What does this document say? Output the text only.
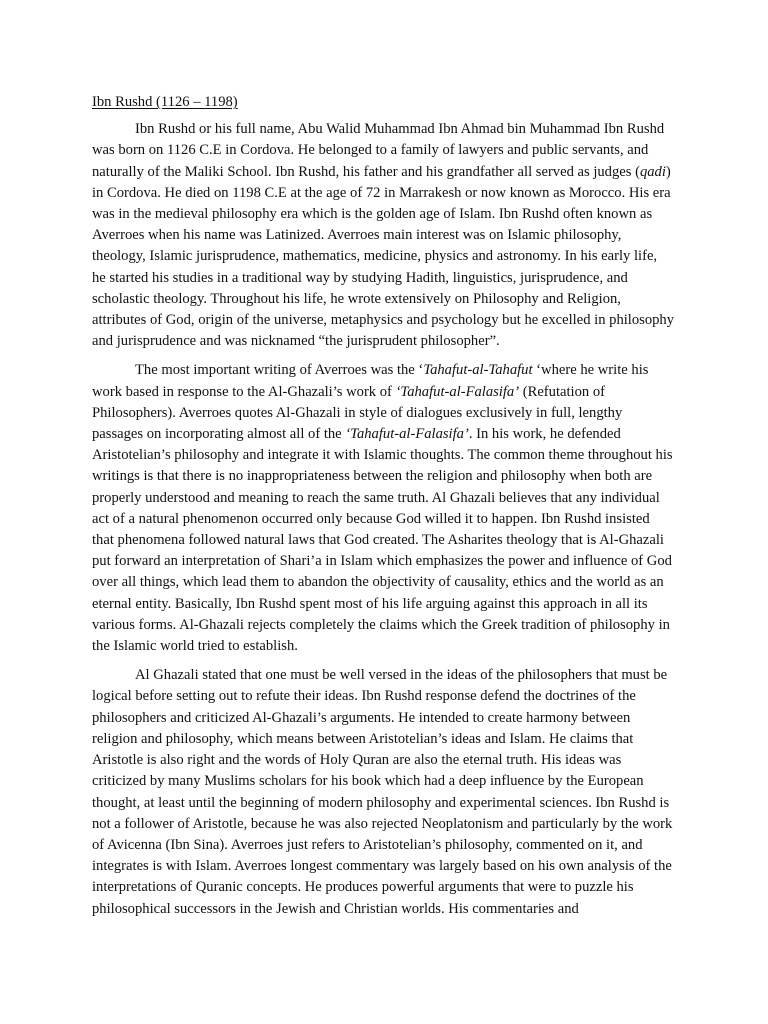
Ibn Rushd (1126 – 1198)

Ibn Rushd or his full name, Abu Walid Muhammad Ibn Ahmad bin Muhammad Ibn Rushd was born on 1126 C.E in Cordova. He belonged to a family of lawyers and public servants, and naturally of the Maliki School. Ibn Rushd, his father and his grandfather all served as judges (qadi) in Cordova. He died on 1198 C.E at the age of 72 in Marrakesh or now known as Morocco. His era was in the medieval philosophy era which is the golden age of Islam. Ibn Rushd often known as Averroes when his name was Latinized. Averroes main interest was on Islamic philosophy, theology, Islamic jurisprudence, mathematics, medicine, physics and astronomy. In his early life, he started his studies in a traditional way by studying Hadith, linguistics, jurisprudence, and scholastic theology. Throughout his life, he wrote extensively on Philosophy and Religion, attributes of God, origin of the universe, metaphysics and psychology but he excelled in philosophy and jurisprudence and was nicknamed “the jurisprudent philosopher”.

The most important writing of Averroes was the ‘Tahafut-al-Tahafut ‘where he write his work based in response to the Al-Ghazali’s work of ‘Tahafut-al-Falasifa’ (Refutation of Philosophers). Averroes quotes Al-Ghazali in style of dialogues exclusively in full, lengthy passages on incorporating almost all of the ‘Tahafut-al-Falasifa’. In his work, he defended Aristotelian’s philosophy and integrate it with Islamic thoughts. The common theme throughout his writings is that there is no inappropriateness between the religion and philosophy when both are properly understood and meaning to reach the same truth. Al Ghazali believes that any individual act of a natural phenomenon occurred only because God willed it to happen. Ibn Rushd insisted that phenomena followed natural laws that God created. The Asharites theology that is Al-Ghazali put forward an interpretation of Shari’a in Islam which emphasizes the power and influence of God over all things, which lead them to abandon the objectivity of causality, ethics and the world as an eternal entity. Basically, Ibn Rushd spent most of his life arguing against this approach in all its various forms. Al-Ghazali rejects completely the claims which the Greek tradition of philosophy in the Islamic world tried to establish.

Al Ghazali stated that one must be well versed in the ideas of the philosophers that must be logical before setting out to refute their ideas. Ibn Rushd response defend the doctrines of the philosophers and criticized Al-Ghazali’s arguments. He intended to create harmony between religion and philosophy, which means between Aristotelian’s ideas and Islam. He claims that Aristotle is also right and the words of Holy Quran are also the eternal truth. His ideas was criticized by many Muslims scholars for his book which had a deep influence by the European thought, at least until the beginning of modern philosophy and experimental sciences. Ibn Rushd is not a follower of Aristotle, because he was also rejected Neoplatonism and particularly by the work of Avicenna (Ibn Sina). Averroes just refers to Aristotelian’s philosophy, commented on it, and integrates is with Islam. Averroes longest commentary was largely based on his own analysis of the interpretations of Quranic concepts. He produces powerful arguments that were to puzzle his philosophical successors in the Jewish and Christian worlds. His commentaries and
